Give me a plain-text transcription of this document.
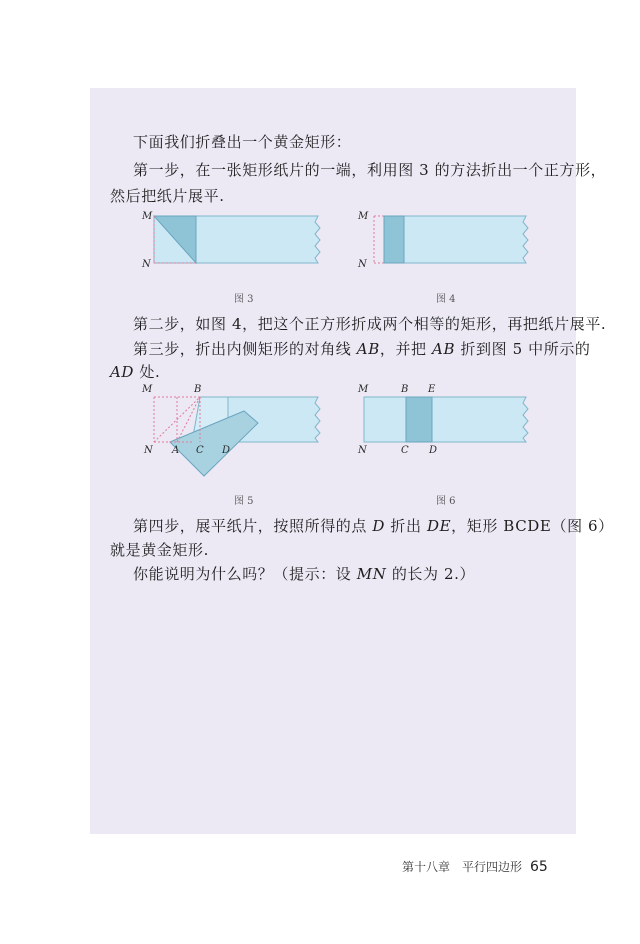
下面我们折叠出一个黄金矩形：
第一步，在一张矩形纸片的一端，利用图 3 的方法折出一个正方形，
然后把纸片展平.
M
N
图 3
M
N
图 4
第二步，如图 4，把这个正方形折成两个相等的矩形，再把纸片展平.
第三步，折出内侧矩形的对角线 AB，并把 AB 折到图 5 中所示的
AD 处.
M	B
N A C D
图 5
M	B E
N	C D
图 6
第四步，展平纸片，按照所得的点 D 折出 DE，矩形 BCDE（图 6）
就是黄金矩形.
你能说明为什么吗？（提示：设 MN 的长为 2.）
第十八章　平行四边形 65
